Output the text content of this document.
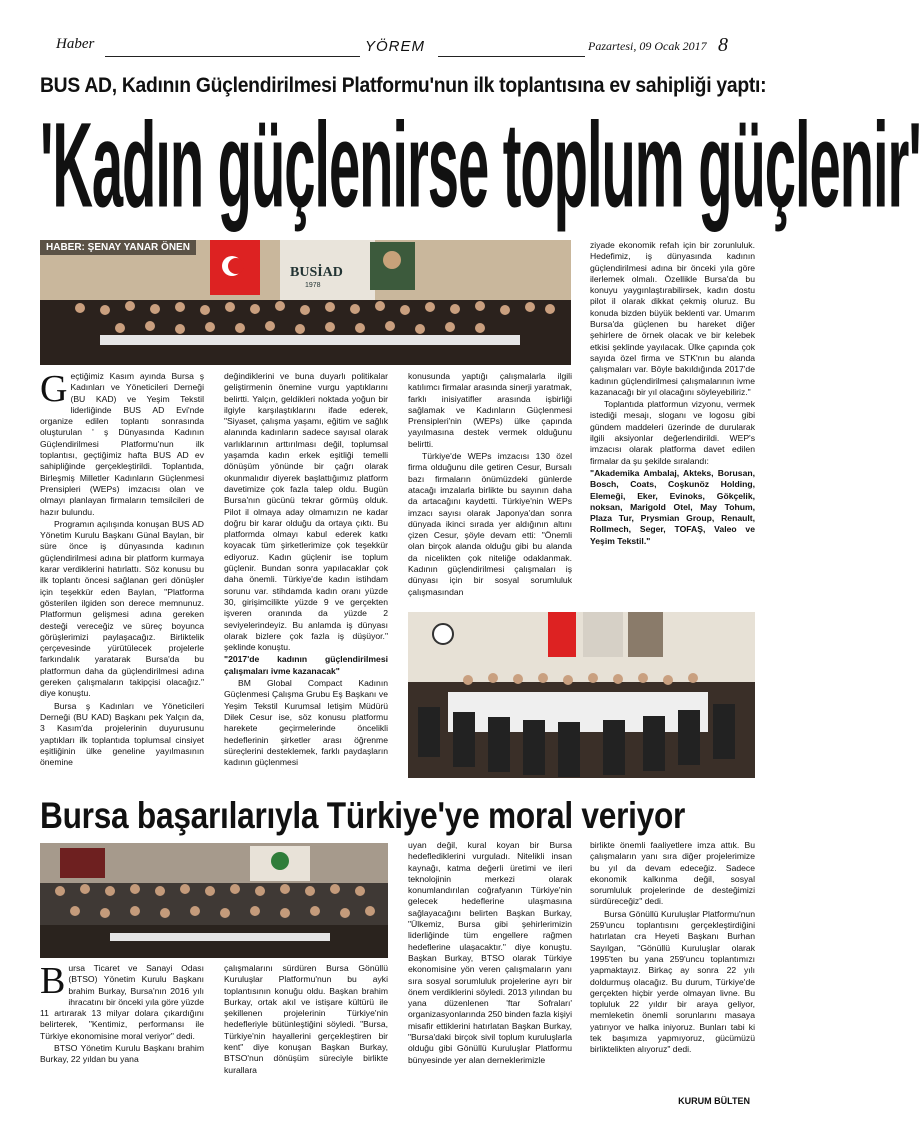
Haber	YÖREM	Pazartesi, 09 Ocak 2017 8
BUS AD, Kadının Güçlendirilmesi Platformu'nun ilk toplantısına ev sahipliği yaptı:
'Kadın güçlenirse toplum güçlenir'
HABER: ŞENAY YANAR ÖNEN
BUSİAD
1978
G eçtiğimiz Kasım ayında Bursa ş Kadınları ve Yöneticileri Derneği (BU KAD) ve Yeşim Tekstil liderliğinde BUS AD Evi'nde organize edilen toplantı sonrasında oluşturulan ' ş Dünyasında Kadının Güçlendirilmesi Platformu'nun ilk toplantısı, geçtiğimiz hafta BUS AD ev sahipliğinde gerçekleştirildi. Toplantıda, Birleşmiş Milletler Kadınların Güçlenmesi Prensipleri (WEPs) imzacısı olan ve olmayı planlayan firmaların temsilcileri de hazır bulundu.

Programın açılışında konuşan BUS AD Yönetim Kurulu Başkanı Günal Baylan, bir süre önce iş dünyasında kadının güçlendirilmesi adına bir platform kurmaya karar verdiklerini hatırlattı. Söz konusu bu ilk toplantı öncesi sağlanan geri dönüşler için teşekkür eden Baylan, "Platforma gösterilen ilgiden son derece memnunuz. Platformun gelişmesi adına gereken desteği vereceğiz ve süreç boyunca görüşlerimizi paylaşacağız. Birliktelik çerçevesinde yürütülecek projelerle farkındalık yaratarak Bursa'da bu platformun daha da güçlendirilmesi adına gereken çalışmaların takipçisi olacağız." diye konuştu.

Bursa ş Kadınları ve Yöneticileri Derneği (BU KAD) Başkanı pek Yalçın da, 3 Kasım'da projelerinin duyurusunu yaptıkları ilk toplantıda toplumsal cinsiyet eşitliğinin ülke geneline yayılmasının önemine

değindiklerini ve buna duyarlı politikalar geliştirmenin önemine vurgu yaptıklarını belirtti. Yalçın, geldikleri noktada yoğun bir ilgiyle karşılaştıklarını ifade ederek, "Siyaset, çalışma yaşamı, eğitim ve sağlık alanında kadınların sadece sayısal olarak varlıklarının arttırılması değil, toplumsal yaşamda kadın erkek eşitliği temelli dönüşüm yönünde bir çağrı olarak okunmalıdır diyerek başlattığımız platform davetimize çok fazla talep oldu. Bugün Bursa'nın gücünü tekrar görmüş olduk. Pilot il olmaya aday olmamızın ne kadar doğru bir karar olduğu da ortaya çıktı. Bu platformda olmayı kabul ederek katkı koyacak tüm şirketlerimize çok teşekkür ediyoruz. Kadın güçlenir ise toplum güçlenir. Bundan sonra yapılacaklar çok daha önemli. Türkiye'de kadın istihdam sorunu var. stihdamda kadın oranı yüzde 30, girişimcilikte yüzde 9 ve gerçekten işveren oranında da yüzde 2 seviyelerindeyiz. Bu anlamda iş dünyası olarak bizlere çok fazla iş düşüyor." şeklinde konuştu.

"2017'de kadının güçlendirilmesi çalışmaları ivme kazanacak"

BM Global Compact Kadının Güçlenmesi Çalışma Grubu Eş Başkanı ve Yeşim Tekstil Kurumsal letişim Müdürü Dilek Cesur ise, söz konusu platformu harekete geçirmelerinde öncelikli hedeflerinin şirketler arası öğrenme süreçlerini desteklemek, farklı paydaşların kadının güçlenmesi

konusunda yaptığı çalışmalarla ilgili katılımcı firmalar arasında sinerji yaratmak, farklı inisiyatifler arasında işbirliği sağlamak ve Kadınların Güçlenmesi Prensipleri'nin (WEPs) ülke çapında yayılmasına destek vermek olduğunu belirtti.

Türkiye'de WEPs imzacısı 130 özel firma olduğunu dile getiren Cesur, Bursalı bazı firmaların önümüzdeki günlerde atacağı imzalarla birlikte bu sayının daha da artacağını kaydetti. Türkiye'nin WEPs imzacı sayısı olarak Japonya'dan sonra dünyada ikinci sırada yer aldığının altını çizen Cesur, şöyle devam etti: "Önemli olan birçok alanda olduğu gibi bu alanda da nicelikten çok niteliğe odaklanmak. Kadının güçlendirilmesi çalışmaları iş dünyası için bir sosyal sorumluluk çalışmasından

ziyade ekonomik refah için bir zorunluluk. Hedefimiz, iş dünyasında kadının güçlendirilmesi adına bir önceki yıla göre ilerlemek olmalı. Özellikle Bursa'da bu konuyu yaygınlaştırabilirsek, kadın dostu pilot il olarak dikkat çekmiş oluruz. Bu konuda bizden büyük beklenti var. Umarım Bursa'da güçlenen bu hareket diğer şehirlere de örnek olacak ve bir kelebek etkisi şeklinde yayılacak. Ülke çapında çok sayıda özel firma ve STK'nın bu alanda çalışmaları var. Böyle bakıldığında 2017'de kadının güçlendirilmesi çalışmalarının ivme kazanacağı bir yıl olacağını söyleyebiliriz."

Toplantıda platformun vizyonu, vermek istediği mesajı, sloganı ve logosu gibi gündem maddeleri üzerinde de durularak ilgili aksiyonlar değerlendirildi. WEP's imzacısı olarak platforma davet edilen firmalar da şu şekilde sıralandı:

"Akademika Ambalaj, Akteks, Borusan, Bosch, Coats, Coşkunöz Holding, Elemeği, Eker, Evinoks, Gökçelik, noksan, Marigold Otel, May Tohum, Plaza Tur, Prysmian Group, Renault, Rollmech, Seger, TOFAŞ, Valeo ve Yeşim Tekstil."

Bursa başarılarıyla Türkiye'ye moral veriyor
B ursa Ticaret ve Sanayi Odası (BTSO) Yönetim Kurulu Başkanı brahim Burkay, Bursa'nın 2016 yılı ihracatını bir önceki yıla göre yüzde 11 artırarak 13 milyar dolara çıkardığını belirterek, "Kentimiz, performansı ile Türkiye ekonomisine moral veriyor" dedi.

BTSO Yönetim Kurulu Başkanı brahim Burkay, 22 yıldan bu yana

çalışmalarını sürdüren Bursa Gönüllü Kuruluşlar Platformu'nun bu ayki toplantısının konuğu oldu. Başkan brahim Burkay, ortak akıl ve istişare kültürü ile şekillenen projelerinin Türkiye'nin hedefleriyle bütünleştiğini söyledi. "Bursa, Türkiye'nin hayallerini gerçekleştiren bir kent" diye konuşan Başkan Burkay, BTSO'nun dönüşüm süreciyle birlikte kurallara

uyan değil, kural koyan bir Bursa hedeflediklerini vurguladı. Nitelikli insan kaynağı, katma değerli üretimi ve ileri teknolojinin merkezi olarak konumlandırılan coğrafyanın Türkiye'nin gelecek hedeflerine ulaşmasına sağlayacağını belirten Başkan Burkay, "Ülkemiz, Bursa gibi şehirlerimizin liderliğinde tüm engellere rağmen hedeflerine ulaşacaktır." diye konuştu. Başkan Burkay, BTSO olarak Türkiye ekonomisine yön veren çalışmaların yanı sıra sosyal sorumluluk projelerine ayrı bir önem verdiklerini söyledi. 2013 yılından bu yana düzenlenen 'ftar Sofraları' organizasyonlarında 250 binden fazla kişiyi misafir ettiklerini hatırlatan Başkan Burkay, "Bursa'daki birçok sivil toplum kuruluşlarla olduğu gibi Gönüllü Kuruluşlar Platformu bünyesinde yer alan derneklerimizle

birlikte önemli faaliyetlere imza attık. Bu çalışmaların yanı sıra diğer projelerimize bu yıl da devam edeceğiz. Sadece ekonomik kalkınma değil, sosyal sorumluluk projelerinde de desteğimizi sürdüreceğiz" dedi.

Bursa Gönüllü Kuruluşlar Platformu'nun 259'uncu toplantısını gerçekleştirdiğini hatırlatan cra Heyeti Başkanı Burhan Sayılgan, "Gönüllü Kuruluşlar olarak 1995'ten bu yana 259'uncu toplantımızı yapmaktayız. Birkaç ay sonra 22 yılı doldurmuş olacağız. Bu durum, Türkiye'de gerçekten hiçbir yerde olmayan livne. Bu topluluk 22 yıldır bir araya geliyor, memleketin önemli sorunlarını masaya yatırıyor ve halka iniyoruz. Bunları tabi ki tek başımıza yapmıyoruz, gücümüzü birliktelikten alıyoruz" dedi.

KURUM BÜLTEN
